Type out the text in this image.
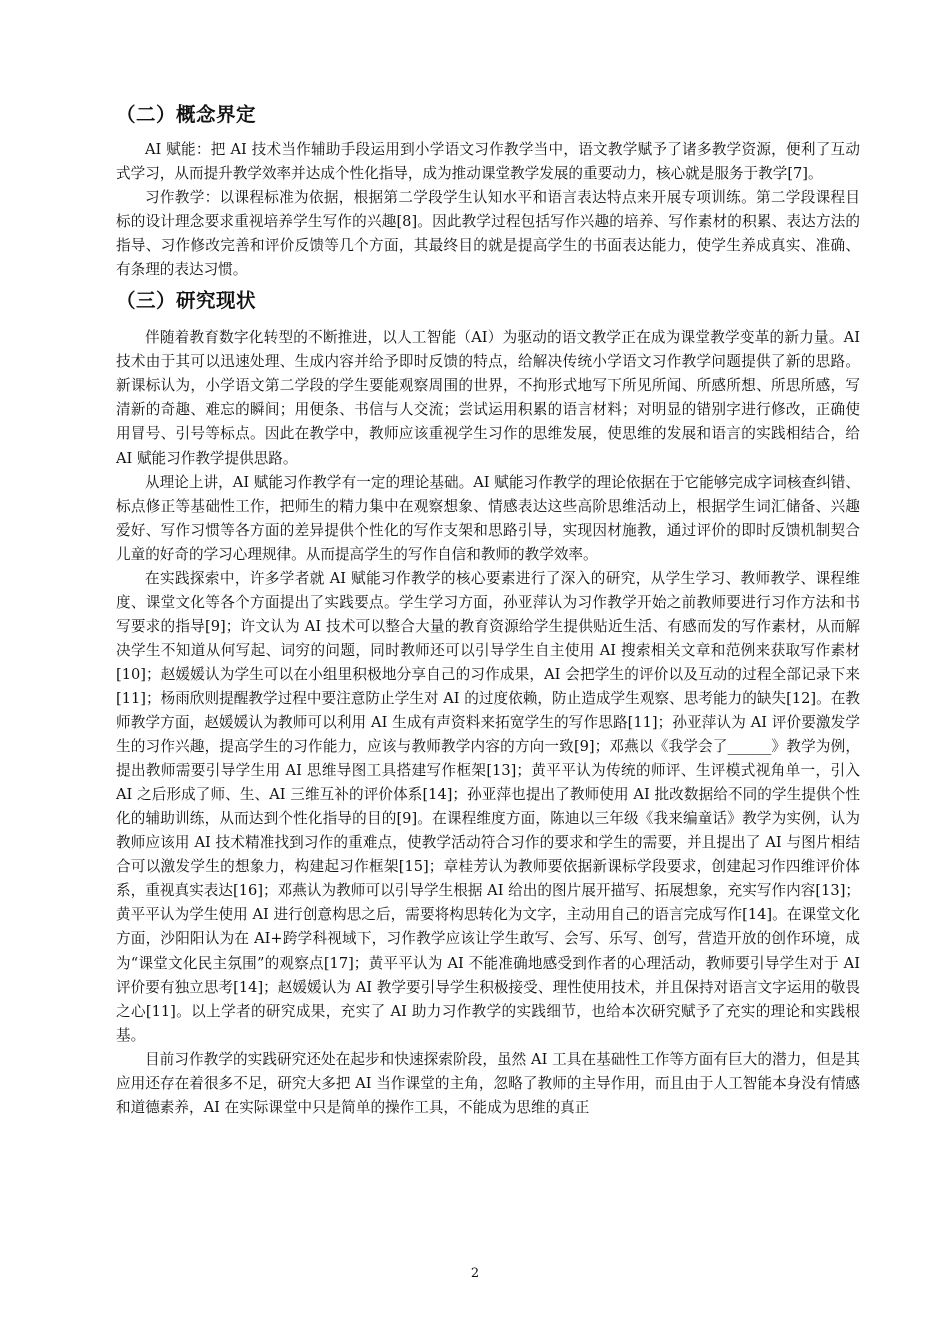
（二）概念界定

AI 赋能：把 AI 技术当作辅助手段运用到小学语文习作教学当中，语文教学赋予了诸多教学资源，便利了互动式学习，从而提升教学效率并达成个性化指导，成为推动课堂教学发展的重要动力，核心就是服务于教学[7]。

习作教学：以课程标准为依据，根据第二学段学生认知水平和语言表达特点来开展专项训练。第二学段课程目标的设计理念要求重视培养学生写作的兴趣[8]。因此教学过程包括写作兴趣的培养、写作素材的积累、表达方法的指导、习作修改完善和评价反馈等几个方面，其最终目的就是提高学生的书面表达能力，使学生养成真实、准确、有条理的表达习惯。

（三）研究现状

伴随着教育数字化转型的不断推进，以人工智能（AI）为驱动的语文教学正在成为课堂教学变革的新力量。AI 技术由于其可以迅速处理、生成内容并给予即时反馈的特点，给解决传统小学语文习作教学问题提供了新的思路。新课标认为，小学语文第二学段的学生要能观察周围的世界，不拘形式地写下所见所闻、所感所想、所思所感，写清新的奇趣、难忘的瞬间；用便条、书信与人交流；尝试运用积累的语言材料；对明显的错别字进行修改，正确使用冒号、引号等标点。因此在教学中，教师应该重视学生习作的思维发展，使思维的发展和语言的实践相结合，给 AI 赋能习作教学提供思路。

从理论上讲，AI 赋能习作教学有一定的理论基础。AI 赋能习作教学的理论依据在于它能够完成字词核查纠错、标点修正等基础性工作，把师生的精力集中在观察想象、情感表达这些高阶思维活动上，根据学生词汇储备、兴趣爱好、写作习惯等各方面的差异提供个性化的写作支架和思路引导，实现因材施教，通过评价的即时反馈机制契合儿童的好奇的学习心理规律。从而提高学生的写作自信和教师的教学效率。

在实践探索中，许多学者就 AI 赋能习作教学的核心要素进行了深入的研究，从学生学习、教师教学、课程维度、课堂文化等各个方面提出了实践要点。学生学习方面，孙亚萍认为习作教学开始之前教师要进行习作方法和书写要求的指导[9]；许文认为 AI 技术可以整合大量的教育资源给学生提供贴近生活、有感而发的写作素材，从而解决学生不知道从何写起、词穷的问题，同时教师还可以引导学生自主使用 AI 搜索相关文章和范例来获取写作素材[10]；赵媛媛认为学生可以在小组里积极地分享自己的习作成果，AI 会把学生的评价以及互动的过程全部记录下来[11]；杨雨欣则提醒教学过程中要注意防止学生对 AI 的过度依赖，防止造成学生观察、思考能力的缺失[12]。在教师教学方面，赵媛媛认为教师可以利用 AI 生成有声资料来拓宽学生的写作思路[11]；孙亚萍认为 AI 评价要激发学生的习作兴趣，提高学生的习作能力，应该与教师教学内容的方向一致[9]；邓燕以《我学会了______》教学为例，提出教师需要引导学生用 AI 思维导图工具搭建写作框架[13]；黄平平认为传统的师评、生评模式视角单一，引入 AI 之后形成了师、生、AI 三维互补的评价体系[14]；孙亚萍也提出了教师使用 AI 批改数据给不同的学生提供个性化的辅助训练，从而达到个性化指导的目的[9]。在课程维度方面，陈迪以三年级《我来编童话》教学为实例，认为教师应该用 AI 技术精准找到习作的重难点，使教学活动符合习作的要求和学生的需要，并且提出了 AI 与图片相结合可以激发学生的想象力，构建起习作框架[15]；章桂芳认为教师要依据新课标学段要求，创建起习作四维评价体系，重视真实表达[16]；邓燕认为教师可以引导学生根据 AI 给出的图片展开描写、拓展想象，充实写作内容[13]；黄平平认为学生使用 AI 进行创意构思之后，需要将构思转化为文字，主动用自己的语言完成写作[14]。在课堂文化方面，沙阳阳认为在 AI+跨学科视域下，习作教学应该让学生敢写、会写、乐写、创写，营造开放的创作环境，成为“课堂文化民主氛围”的观察点[17]；黄平平认为 AI 不能准确地感受到作者的心理活动，教师要引导学生对于 AI 评价要有独立思考[14]；赵媛媛认为 AI 教学要引导学生积极接受、理性使用技术，并且保持对语言文字运用的敬畏之心[11]。以上学者的研究成果，充实了 AI 助力习作教学的实践细节，也给本次研究赋予了充实的理论和实践根基。

目前习作教学的实践研究还处在起步和快速探索阶段，虽然 AI 工具在基础性工作等方面有巨大的潜力，但是其应用还存在着很多不足，研究大多把 AI 当作课堂的主角，忽略了教师的主导作用，而且由于人工智能本身没有情感和道德素养，AI 在实际课堂中只是简单的操作工具，不能成为思维的真正

2
